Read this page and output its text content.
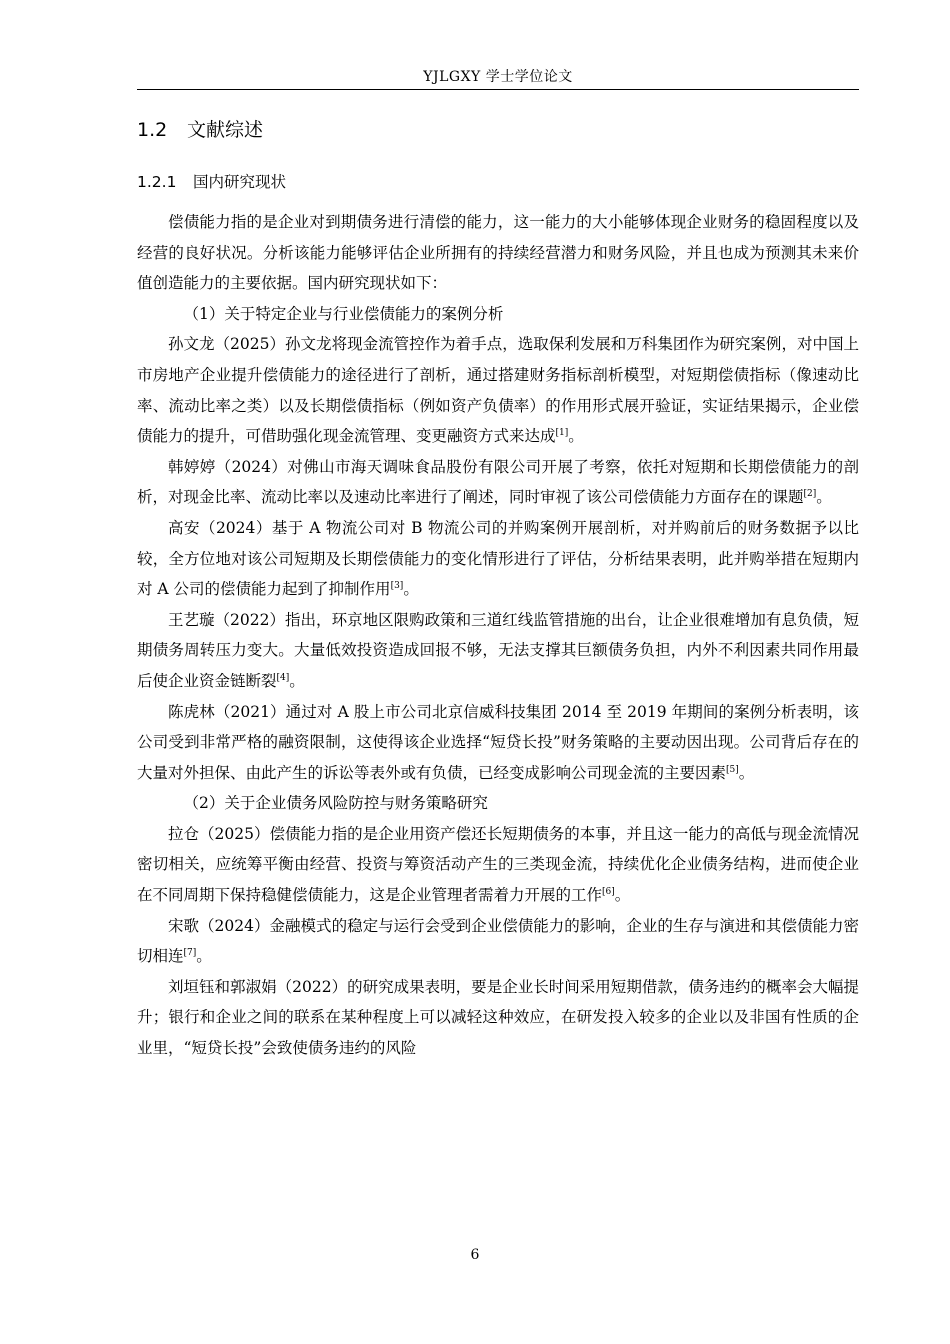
YJLGXY 学士学位论文
1.2 文献综述
1.2.1 国内研究现状

偿债能力指的是企业对到期债务进行清偿的能力，这一能力的大小能够体现企业财务的稳固程度以及经营的良好状况。分析该能力能够评估企业所拥有的持续经营潜力和财务风险，并且也成为预测其未来价值创造能力的主要依据。国内研究现状如下：

（1）关于特定企业与行业偿债能力的案例分析

孙文龙（2025）孙文龙将现金流管控作为着手点，选取保利发展和万科集团作为研究案例，对中国上市房地产企业提升偿债能力的途径进行了剖析，通过搭建财务指标剖析模型，对短期偿债指标（像速动比率、流动比率之类）以及长期偿债指标（例如资产负债率）的作用形式展开验证，实证结果揭示，企业偿债能力的提升，可借助强化现金流管理、变更融资方式来达成[1]。

韩婷婷（2024）对佛山市海天调味食品股份有限公司开展了考察，依托对短期和长期偿债能力的剖析，对现金比率、流动比率以及速动比率进行了阐述，同时审视了该公司偿债能力方面存在的课题[2]。

高安（2024）基于 A 物流公司对 B 物流公司的并购案例开展剖析，对并购前后的财务数据予以比较，全方位地对该公司短期及长期偿债能力的变化情形进行了评估，分析结果表明，此并购举措在短期内对 A 公司的偿债能力起到了抑制作用[3]。

王艺璇（2022）指出，环京地区限购政策和三道红线监管措施的出台，让企业很难增加有息负债，短期债务周转压力变大。大量低效投资造成回报不够，无法支撑其巨额债务负担，内外不利因素共同作用最后使企业资金链断裂[4]。

陈虎林（2021）通过对 A 股上市公司北京信威科技集团 2014 至 2019 年期间的案例分析表明，该公司受到非常严格的融资限制，这使得该企业选择“短贷长投”财务策略的主要动因出现。公司背后存在的大量对外担保、由此产生的诉讼等表外或有负债，已经变成影响公司现金流的主要因素[5]。

（2）关于企业债务风险防控与财务策略研究

拉仓（2025）偿债能力指的是企业用资产偿还长短期债务的本事，并且这一能力的高低与现金流情况密切相关，应统筹平衡由经营、投资与筹资活动产生的三类现金流，持续优化企业债务结构，进而使企业在不同周期下保持稳健偿债能力，这是企业管理者需着力开展的工作[6]。

宋歌（2024）金融模式的稳定与运行会受到企业偿债能力的影响，企业的生存与演进和其偿债能力密切相连[7]。

刘垣钰和郭淑娟（2022）的研究成果表明，要是企业长时间采用短期借款，债务违约的概率会大幅提升；银行和企业之间的联系在某种程度上可以减轻这种效应，在研发投入较多的企业以及非国有性质的企业里，“短贷长投”会致使债务违约的风险

6
